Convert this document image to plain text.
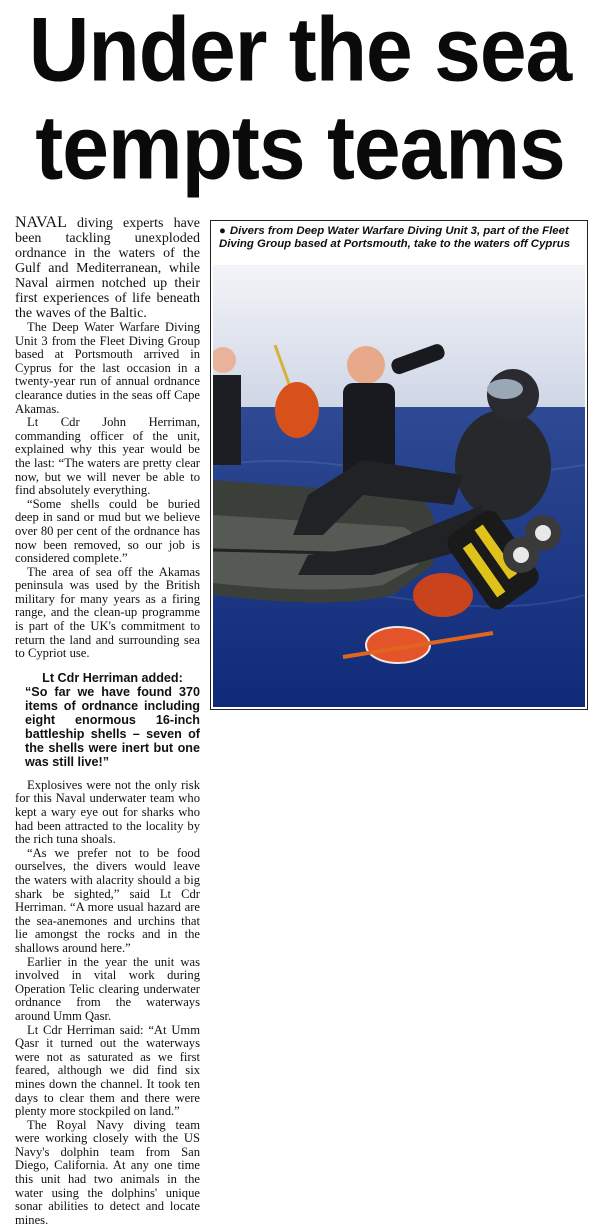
Under the sea
tempts teams

NAVAL diving experts have been tackling unexploded ordnance in the waters of the Gulf and Mediterranean, while Naval airmen notched up their first experiences of life beneath the waves of the Baltic.

The Deep Water Warfare Diving Unit 3 from the Fleet Diving Group based at Portsmouth arrived in Cyprus for the last occasion in a twenty-year run of annual ordnance clearance duties in the seas off Cape Akamas.

Lt Cdr John Herriman, commanding officer of the unit, explained why this year would be the last: “The waters are pretty clear now, but we will never be able to find absolutely everything.

“Some shells could be buried deep in sand or mud but we believe over 80 per cent of the ordnance has now been removed, so our job is considered complete.”

The area of sea off the Akamas peninsula was used by the British military for many years as a firing range, and the clean-up programme is part of the UK's commitment to return the land and surrounding sea to Cypriot use.

Lt Cdr Herriman added:
“So far we have found 370 items of ordnance including eight enormous 16-inch battleship shells – seven of the shells were inert but one was still live!”

Explosives were not the only risk for this Naval underwater team who kept a wary eye out for sharks who had been attracted to the locality by the rich tuna shoals.

“As we prefer not to be food ourselves, the divers would leave the waters with alacrity should a big shark be sighted,” said Lt Cdr Herriman. “A more usual hazard are the sea-anemones and urchins that lie amongst the rocks and in the shallows around here.”

Earlier in the year the unit was involved in vital work during Operation Telic clearing underwater ordnance from the waterways around Umm Qasr.

Lt Cdr Herriman said: “At Umm Qasr it turned out the waterways were not as saturated as we first feared, although we did find six mines down the channel. It took ten days to clear them and there were plenty more stockpiled on land.”

The Royal Navy diving team were working closely with the US Navy's dolphin team from San Diego, California. At any one time this unit had two animals in the water using the dolphins' unique sonar abilities to detect and locate mines.

● Divers from Deep Water Warfare Diving Unit 3, part of the Fleet Diving Group based at Portsmouth, take to the waters off Cyprus
